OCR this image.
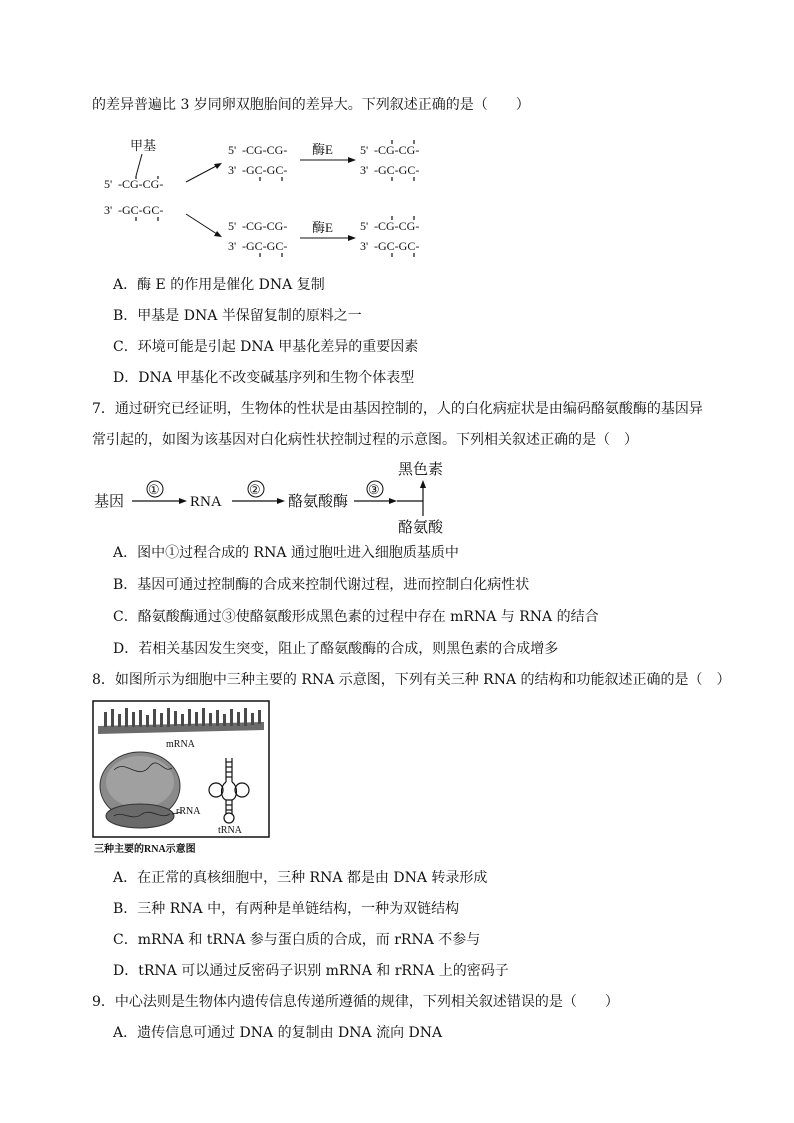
的差异普遍比 3 岁同卵双胞胎间的差异大。下列叙述正确的是（　　）
甲基
5' -CG-CG-
3' -GC-GC-
5' -CG-CG-
3' -GC-GC-
酶E 5' -CG-CG-
3' -GC-GC-
5' -CG-CG-
3' -GC-GC-
酶E 5' -CG-CG-
3' -GC-GC-
A．酶 E 的作用是催化 DNA 复制
B．甲基是 DNA 半保留复制的原料之一
C．环境可能是引起 DNA 甲基化差异的重要因素
D．DNA 甲基化不改变碱基序列和生物个体表型
7．通过研究已经证明，生物体的性状是由基因控制的，人的白化病症状是由编码酪氨酸酶的基因异
常引起的，如图为该基因对白化病性状控制过程的示意图。下列相关叙述正确的是（　）
基因
①
RNA
②
酪氨酸酶
③
黑色素
酪氨酸
A．图中①过程合成的 RNA 通过胞吐进入细胞质基质中
B．基因可通过控制酶的合成来控制代谢过程，进而控制白化病性状
C．酪氨酸酶通过③使酪氨酸形成黑色素的过程中存在 mRNA 与 RNA 的结合
D．若相关基因发生突变，阻止了酪氨酸酶的合成，则黑色素的合成增多
8．如图所示为细胞中三种主要的 RNA 示意图，下列有关三种 RNA 的结构和功能叙述正确的是（　）
mRNA
rRNA
tRNA
三种主要的RNA示意图
A．在正常的真核细胞中，三种 RNA 都是由 DNA 转录形成
B．三种 RNA 中，有两种是单链结构，一种为双链结构
C．mRNA 和 tRNA 参与蛋白质的合成，而 rRNA 不参与
D．tRNA 可以通过反密码子识别 mRNA 和 rRNA 上的密码子
9．中心法则是生物体内遗传信息传递所遵循的规律，下列相关叙述错误的是（　　）
A．遗传信息可通过 DNA 的复制由 DNA 流向 DNA
